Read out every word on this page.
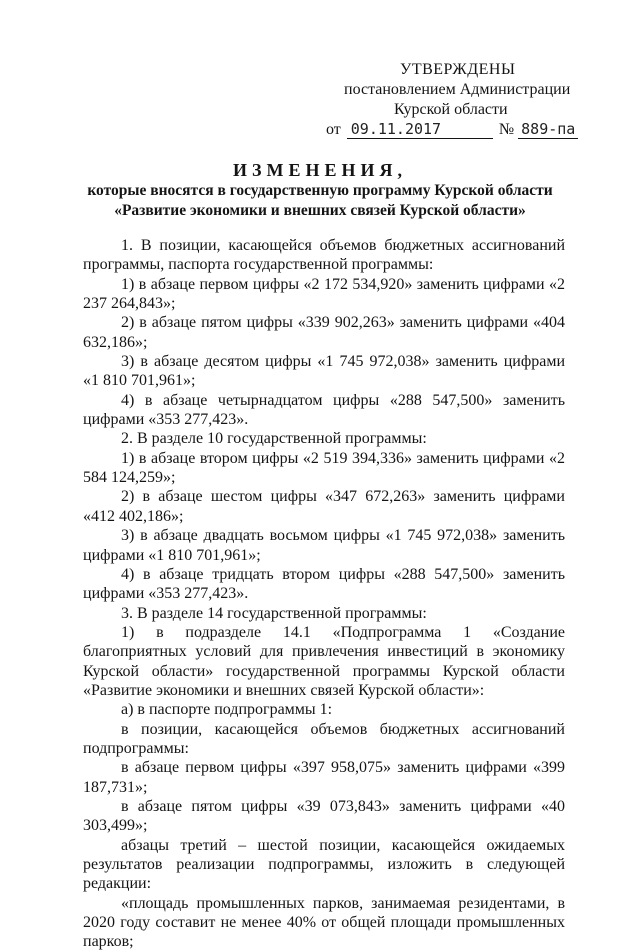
УТВЕРЖДЕНЫ
постановлением Администрации
Курской области
от 09.11.2017	№ 889-па
ИЗМЕНЕНИЯ,
которые вносятся в государственную программу Курской области
«Развитие экономики и внешних связей Курской области»

1. В позиции, касающейся объемов бюджетных ассигнований программы, паспорта государственной программы:

1) в абзаце первом цифры «2 172 534,920» заменить цифрами «2 237 264,843»;

2) в абзаце пятом цифры «339 902,263» заменить цифрами «404 632,186»;

3) в абзаце десятом цифры «1 745 972,038» заменить цифрами «1 810 701,961»;

4) в абзаце четырнадцатом цифры «288 547,500» заменить цифрами «353 277,423».

2. В разделе 10 государственной программы:

1) в абзаце втором цифры «2 519 394,336» заменить цифрами «2 584 124,259»;

2) в абзаце шестом цифры «347 672,263» заменить цифрами «412 402,186»;

3) в абзаце двадцать восьмом цифры «1 745 972,038» заменить цифрами «1 810 701,961»;

4) в абзаце тридцать втором цифры «288 547,500» заменить цифрами «353 277,423».

3. В разделе 14 государственной программы:

1) в подразделе 14.1 «Подпрограмма 1 «Создание благоприятных условий для привлечения инвестиций в экономику Курской области» государственной программы Курской области «Развитие экономики и внешних связей Курской области»:

а) в паспорте подпрограммы 1:

в позиции, касающейся объемов бюджетных ассигнований подпрограммы:

в абзаце первом цифры «397 958,075» заменить цифрами «399 187,731»;

в абзаце пятом цифры «39 073,843» заменить цифрами «40 303,499»;

абзацы третий – шестой позиции, касающейся ожидаемых результатов реализации подпрограммы, изложить в следующей редакции:

«площадь промышленных парков, занимаемая резидентами, в 2020 году составит не менее 40% от общей площади промышленных парков;
